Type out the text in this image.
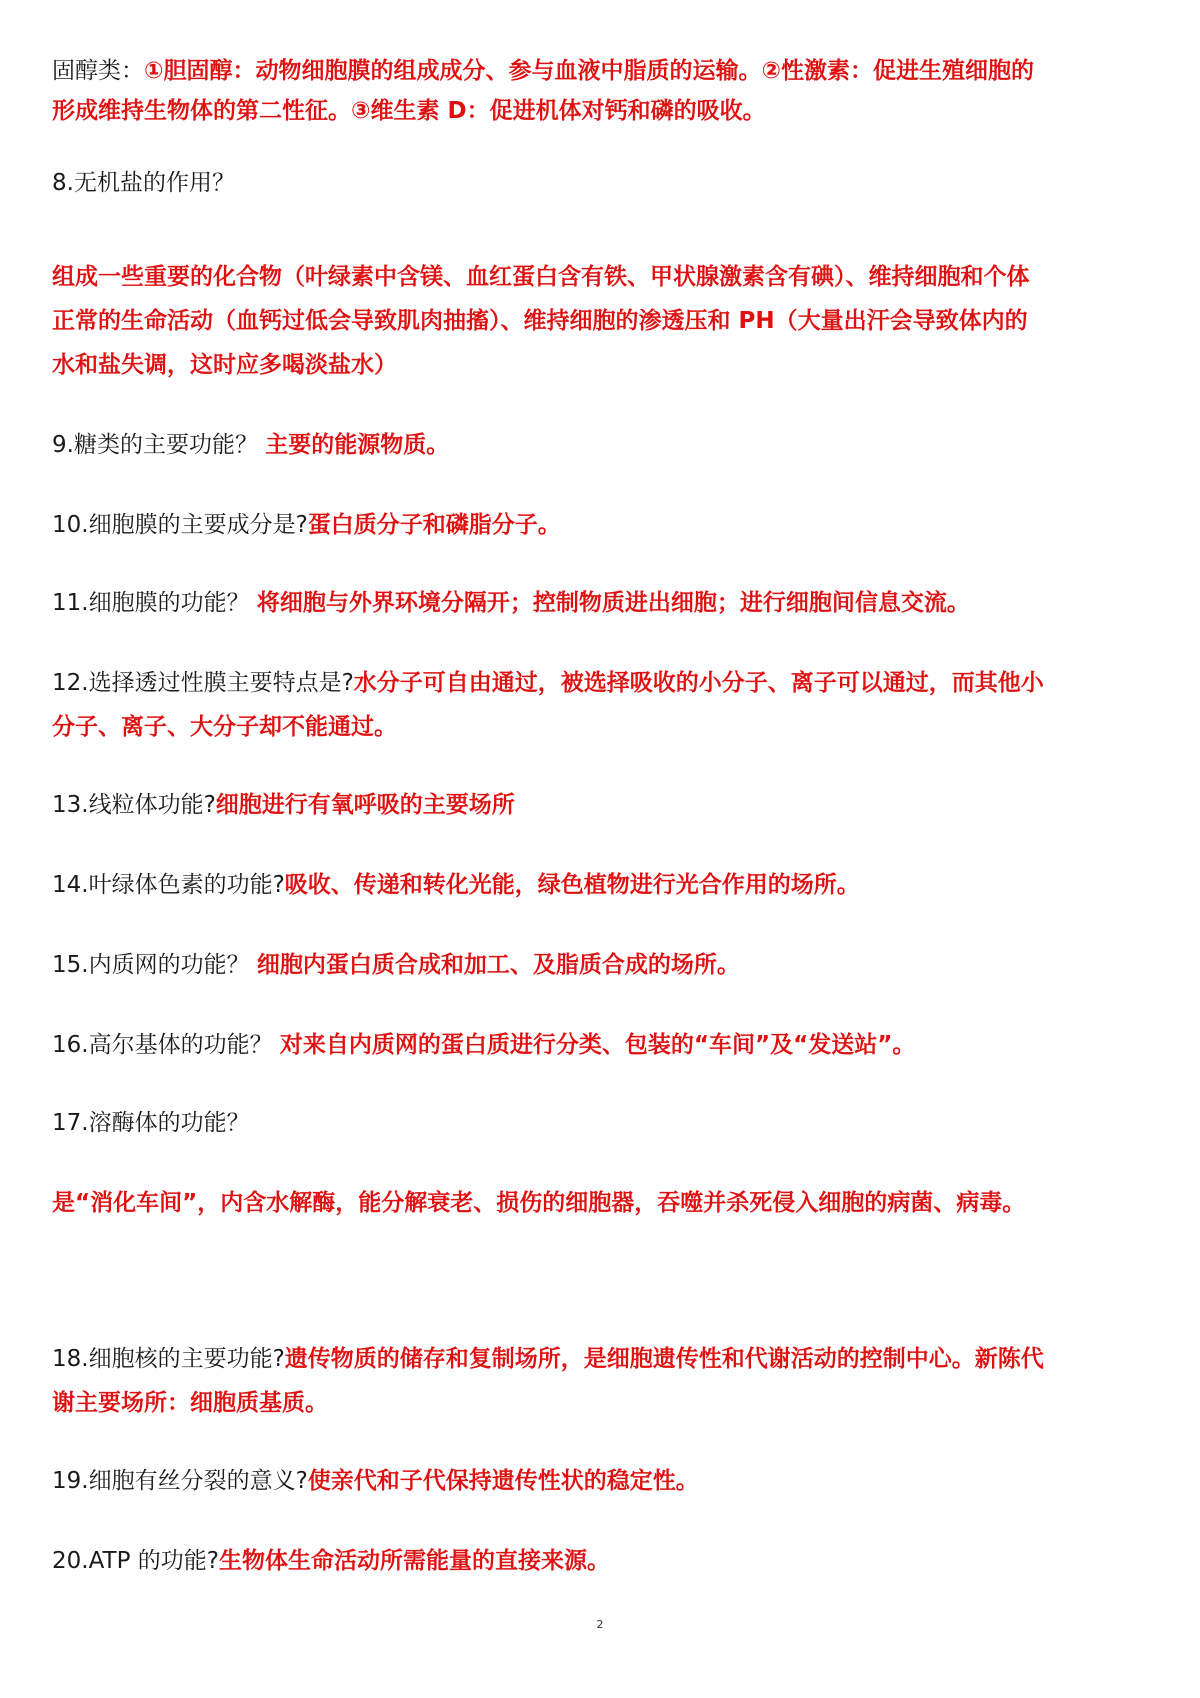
固醇类：①胆固醇：动物细胞膜的组成成分、参与血液中脂质的运输。②性激素：促进生殖细胞的
形成维持生物体的第二性征。③维生素 D：促进机体对钙和磷的吸收。
8.无机盐的作用？
组成一些重要的化合物（叶绿素中含镁、血红蛋白含有铁、甲状腺激素含有碘）、维持细胞和个体
正常的生命活动（血钙过低会导致肌肉抽搐）、维持细胞的渗透压和 PH（大量出汗会导致体内的
水和盐失调，这时应多喝淡盐水）
9.糖类的主要功能？ 主要的能源物质。
10.细胞膜的主要成分是?蛋白质分子和磷脂分子。
11.细胞膜的功能？ 将细胞与外界环境分隔开；控制物质进出细胞；进行细胞间信息交流。
12.选择透过性膜主要特点是?水分子可自由通过，被选择吸收的小分子、离子可以通过，而其他小
分子、离子、大分子却不能通过。
13.线粒体功能?细胞进行有氧呼吸的主要场所
14.叶绿体色素的功能?吸收、传递和转化光能，绿色植物进行光合作用的场所。
15.内质网的功能？ 细胞内蛋白质合成和加工、及脂质合成的场所。
16.高尔基体的功能？ 对来自内质网的蛋白质进行分类、包装的“车间”及“发送站”。
17.溶酶体的功能？
是“消化车间”，内含水解酶，能分解衰老、损伤的细胞器，吞噬并杀死侵入细胞的病菌、病毒。
18.细胞核的主要功能?遗传物质的储存和复制场所，是细胞遗传性和代谢活动的控制中心。新陈代
谢主要场所：细胞质基质。
19.细胞有丝分裂的意义?使亲代和子代保持遗传性状的稳定性。
20.ATP 的功能?生物体生命活动所需能量的直接来源。
2
